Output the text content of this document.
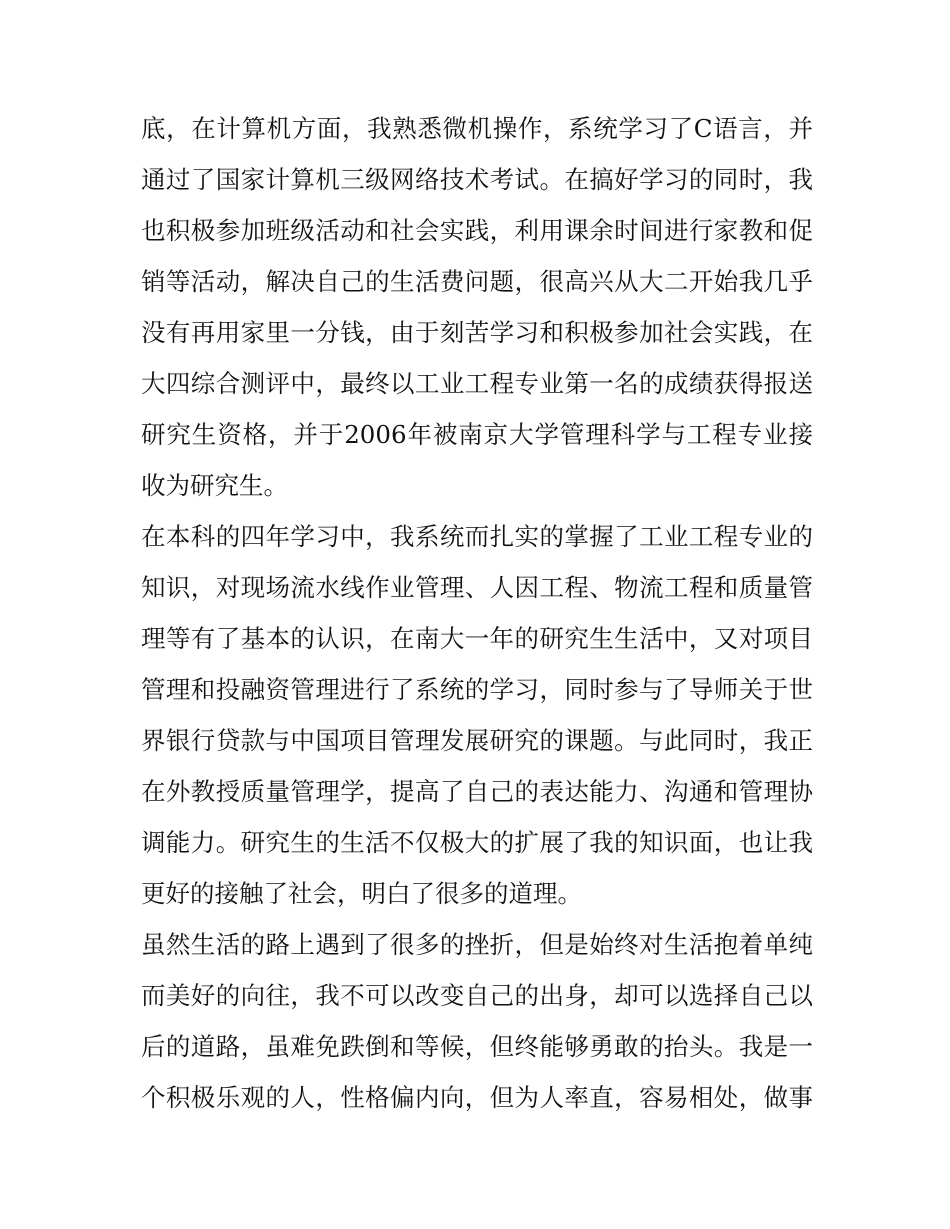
底，在计算机方面，我熟悉微机操作，系统学习了C语言，并
通过了国家计算机三级网络技术考试。在搞好学习的同时，我
也积极参加班级活动和社会实践，利用课余时间进行家教和促
销等活动，解决自己的生活费问题，很高兴从大二开始我几乎
没有再用家里一分钱，由于刻苦学习和积极参加社会实践，在
大四综合测评中，最终以工业工程专业第一名的成绩获得报送
研究生资格，并于2006年被南京大学管理科学与工程专业接
收为研究生。
在本科的四年学习中，我系统而扎实的掌握了工业工程专业的
知识，对现场流水线作业管理、人因工程、物流工程和质量管
理等有了基本的认识，在南大一年的研究生生活中，又对项目
管理和投融资管理进行了系统的学习，同时参与了导师关于世
界银行贷款与中国项目管理发展研究的课题。与此同时，我正
在外教授质量管理学，提高了自己的表达能力、沟通和管理协
调能力。研究生的生活不仅极大的扩展了我的知识面，也让我
更好的接触了社会，明白了很多的道理。
虽然生活的路上遇到了很多的挫折，但是始终对生活抱着单纯
而美好的向往，我不可以改变自己的出身，却可以选择自己以
后的道路，虽难免跌倒和等候，但终能够勇敢的抬头。我是一
个积极乐观的人，性格偏内向，但为人率直，容易相处，做事
